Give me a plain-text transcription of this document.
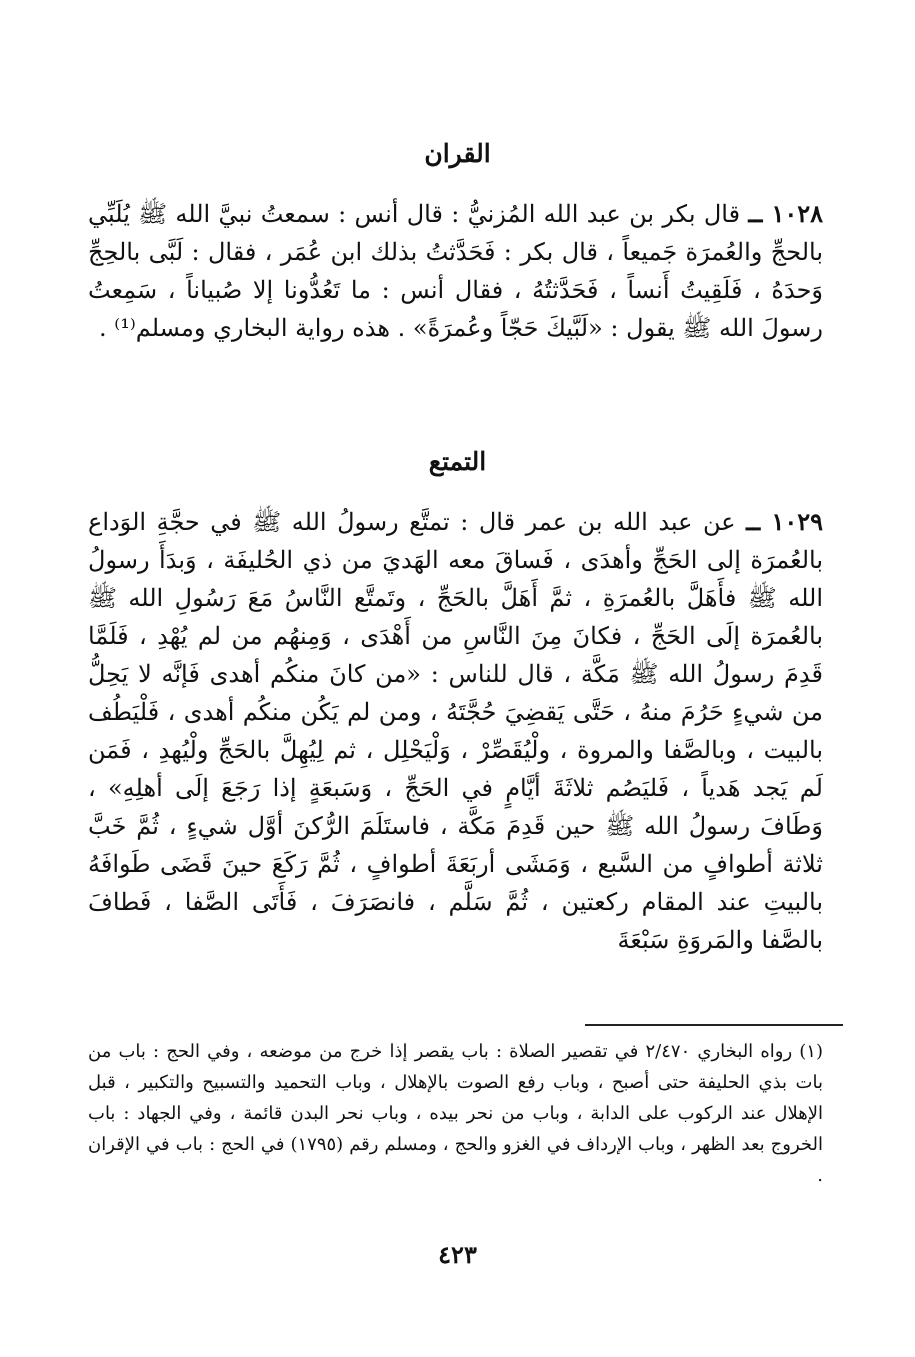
القران
١٠٢٨ ــ قال بكر بن عبد الله المُزنيُّ : قال أنس : سمعتُ نبيَّ الله ﷺ يُلَبِّي بالحجِّ والعُمرَة جَميعاً ، قال بكر : فَحَدَّثتُ بذلك ابن عُمَر ، فقال : لَبَّى بالحِجِّ وَحدَهُ ، فَلَقِيتُ أَنساً ، فَحَدَّثتُهُ ، فقال أنس : ما تَعُدُّونا إلا صُبياناً ، سَمِعتُ رسولَ الله ﷺ يقول : «لَبَّيكَ حَجّاً وعُمرَةً» . هذه رواية البخاري ومسلم⁽¹⁾ .
التمتع
١٠٢٩ ــ عن عبد الله بن عمر قال : تمتَّع رسولُ الله ﷺ في حجَّةِ الوَداع بالعُمرَة إلى الحَجِّ وأهدَى ، فَساقَ معه الهَديَ من ذي الحُليفَة ، وَبدَأَ رسولُ الله ﷺ فأَهَلَّ بالعُمرَةِ ، ثمَّ أَهَلَّ بالحَجِّ ، وتَمتَّع النَّاسُ مَعَ رَسُولِ الله ﷺ بالعُمرَة إلَى الحَجِّ ، فكانَ مِنَ النَّاسِ من أَهْدَى ، وَمِنهُم من لم يُهْدِ ، فَلَمَّا قَدِمَ رسولُ الله ﷺ مَكَّة ، قال للناس : «من كانَ منكُم أهدى فَإنَّه لا يَحِلُّ من شيءٍ حَرُمَ منهُ ، حَتَّى يَقضِيَ حُجَّتَهُ ، ومن لم يَكُن منكُم أهدى ، فَلْيَطُف بالبيت ، وبالصَّفا والمروة ، ولْيُقَصِّرْ ، وَلْيَحْلِل ، ثم لِيُهِلَّ بالحَجِّ ولْيُهدِ ، فَمَن لَم يَجد هَدياً ، فَليَصُم ثلاثَةَ أيَّامٍ في الحَجِّ ، وَسَبعَةٍ إذا رَجَعَ إلَى أهلِهِ» ، وَطَافَ رسولُ الله ﷺ حين قَدِمَ مَكَّة ، فاستَلَمَ الرُّكنَ أوَّل شيءٍ ، ثُمَّ خَبَّ ثلاثة أطوافٍ من السَّبع ، وَمَشَى أربَعَةَ أطوافٍ ، ثُمَّ رَكَعَ حينَ قَضَى طَوافَهُ بالبيتِ عند المقام ركعتين ، ثُمَّ سَلَّم ، فانصَرَفَ ، فَأَتَى الصَّفا ، فَطافَ بالصَّفا والمَروَةِ سَبْعَةَ
(١) رواه البخاري ٢/٤٧٠ في تقصير الصلاة : باب يقصر إذا خرج من موضعه ، وفي الحج : باب من بات بذي الحليفة حتى أصبح ، وباب رفع الصوت بالإهلال ، وباب التحميد والتسبيح والتكبير ، قبل الإهلال عند الركوب على الدابة ، وباب من نحر بيده ، وباب نحر البدن قائمة ، وفي الجهاد : باب الخروج بعد الظهر ، وباب الإرداف في الغزو والحج ، ومسلم رقم (١٧٩٥) في الحج : باب في الإقران .
٤٢٣
